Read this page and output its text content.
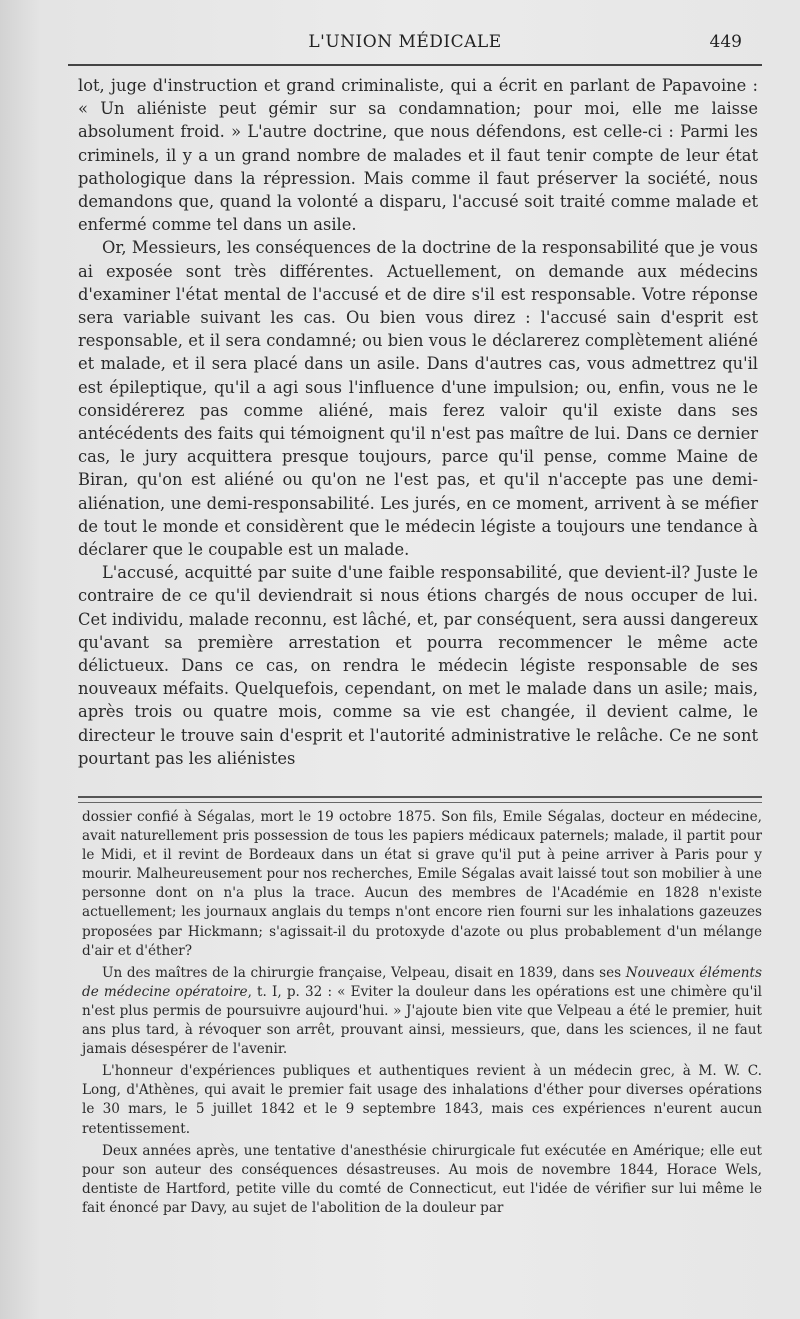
L'UNION MÉDICALE	449

lot, juge d'instruction et grand criminaliste, qui a écrit en parlant de Papavoine : « Un aliéniste peut gémir sur sa condamnation; pour moi, elle me laisse absolument froid. » L'autre doctrine, que nous défendons, est celle-ci : Parmi les criminels, il y a un grand nombre de malades et il faut tenir compte de leur état pathologique dans la répression. Mais comme il faut préserver la société, nous demandons que, quand la volonté a disparu, l'accusé soit traité comme malade et enfermé comme tel dans un asile.

Or, Messieurs, les conséquences de la doctrine de la responsabilité que je vous ai exposée sont très différentes. Actuellement, on demande aux médecins d'examiner l'état mental de l'accusé et de dire s'il est responsable. Votre réponse sera variable suivant les cas. Ou bien vous direz : l'accusé sain d'esprit est responsable, et il sera condamné; ou bien vous le déclarerez complètement aliéné et malade, et il sera placé dans un asile. Dans d'autres cas, vous admettrez qu'il est épileptique, qu'il a agi sous l'influence d'une impulsion; ou, enfin, vous ne le considérerez pas comme aliéné, mais ferez valoir qu'il existe dans ses antécédents des faits qui témoignent qu'il n'est pas maître de lui. Dans ce dernier cas, le jury acquittera presque toujours, parce qu'il pense, comme Maine de Biran, qu'on est aliéné ou qu'on ne l'est pas, et qu'il n'accepte pas une demi-aliénation, une demi-responsabilité. Les jurés, en ce moment, arrivent à se méfier de tout le monde et considèrent que le médecin légiste a toujours une tendance à déclarer que le coupable est un malade.

L'accusé, acquitté par suite d'une faible responsabilité, que devient-il? Juste le contraire de ce qu'il deviendrait si nous étions chargés de nous occuper de lui. Cet individu, malade reconnu, est lâché, et, par conséquent, sera aussi dangereux qu'avant sa première arrestation et pourra recommencer le même acte délictueux. Dans ce cas, on rendra le médecin légiste responsable de ses nouveaux méfaits. Quelquefois, cependant, on met le malade dans un asile; mais, après trois ou quatre mois, comme sa vie est changée, il devient calme, le directeur le trouve sain d'esprit et l'autorité administrative le relâche. Ce ne sont pourtant pas les aliénistes

dossier confié à Ségalas, mort le 19 octobre 1875. Son fils, Emile Ségalas, docteur en médecine, avait naturellement pris possession de tous les papiers médicaux paternels; malade, il partit pour le Midi, et il revint de Bordeaux dans un état si grave qu'il put à peine arriver à Paris pour y mourir. Malheureusement pour nos recherches, Emile Ségalas avait laissé tout son mobilier à une personne dont on n'a plus la trace. Aucun des membres de l'Académie en 1828 n'existe actuellement; les journaux anglais du temps n'ont encore rien fourni sur les inhalations gazeuzes proposées par Hickmann; s'agissait-il du protoxyde d'azote ou plus probablement d'un mélange d'air et d'éther?

Un des maîtres de la chirurgie française, Velpeau, disait en 1839, dans ses Nouveaux éléments de médecine opératoire, t. I, p. 32 : « Eviter la douleur dans les opérations est une chimère qu'il n'est plus permis de poursuivre aujourd'hui. » J'ajoute bien vite que Velpeau a été le premier, huit ans plus tard, à révoquer son arrêt, prouvant ainsi, messieurs, que, dans les sciences, il ne faut jamais désespérer de l'avenir.

L'honneur d'expériences publiques et authentiques revient à un médecin grec, à M. W. C. Long, d'Athènes, qui avait le premier fait usage des inhalations d'éther pour diverses opérations le 30 mars, le 5 juillet 1842 et le 9 septembre 1843, mais ces expériences n'eurent aucun retentissement.

Deux années après, une tentative d'anesthésie chirurgicale fut exécutée en Amérique; elle eut pour son auteur des conséquences désastreuses. Au mois de novembre 1844, Horace Wels, dentiste de Hartford, petite ville du comté de Connecticut, eut l'idée de vérifier sur lui même le fait énoncé par Davy, au sujet de l'abolition de la douleur par
